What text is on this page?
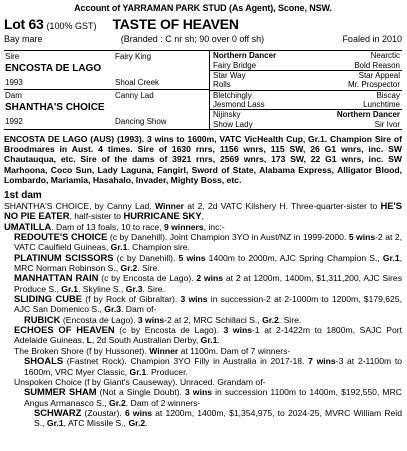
Account of YARRAMAN PARK STUD (As Agent), Scone, NSW.
Lot 63 (100% GST) TASTE OF HEAVEN
Bay mare	(Branded : C nr sh; 90 over 0 off sh)	Foaled in 2010
Sire	Fairy King
ENCOSTA DE LAGO
1993	Shoal Creek
Dam	Canny Lad
SHANTHA'S CHOICE
1992	Dancing Show
Northern Dancer	Nearctic
Fairy Bridge	Bold Reason
Star Way	Star Appeal
Rolls	Mr. Prospector
Bletchingly	Biscay
Jesmond Lass	Lunchtime
Nijinsky	Northern Dancer
Show Lady	Sir Ivor
ENCOSTA DE LAGO (AUS) (1993). 3 wins to 1600m, VATC VicHealth Cup, Gr.1. Champion Sire of Broodmares in Aust. 4 times. Sire of 1630 rnrs, 1156 wnrs, 115 SW, 26 G1 wnrs, inc. SW Chautauqua, etc. Sire of the dams of 3921 rnrs, 2569 wnrs, 173 SW, 22 G1 wnrs, inc. SW Marhoona, Coco Sun, Lady Laguna, Fangirl, Sword of State, Alabama Express, Alligator Blood, Lombardo, Mariamia, Hasahalo, Invader, Mighty Boss, etc.
1st dam
SHANTHA'S CHOICE, by Canny Lad. Winner at 2, 2d VATC Kilshery H. Three-quarter-sister to HE'S NO PIE EATER, half-sister to HURRICANE SKY,
UMATILLA. Dam of 13 foals, 10 to race, 9 winners, inc:-
REDOUTE'S CHOICE (c by Danehill). Joint Champion 3YO in Aust/NZ in 1999-2000. 5 wins-2 at 2, VATC Caulfield Guineas, Gr.1. Champion sire.
PLATINUM SCISSORS (c by Danehill). 5 wins 1400m to 2000m, AJC Spring Champion S., Gr.1, MRC Norman Robinson S., Gr.2. Sire.
MANHATTAN RAIN (c by Encosta de Lago). 2 wins at 2 at 1200m, 1400m, $1,311,200, AJC Sires Produce S., Gr.1. Skyline S., Gr.3. Sire.
SLIDING CUBE (f by Rock of Gibraltar). 3 wins in succession-2 at 2-1000m to 1200m, $179,625, AJC San Domenico S., Gr.3. Dam of-
RUBICK (Encosta de Lago). 3 wins-2 at 2, MRC Schillaci S., Gr.2. Sire.
ECHOES OF HEAVEN (c by Encosta de Lago). 3 wins-1 at 2-1422m to 1800m, SAJC Port Adelaide Guineas, L, 2d South Australian Derby, Gr.1.
The Broken Shore (f by Hussonet). Winner at 1100m. Dam of 7 winners-
SHOALS (Fastnet Rock). Champion 3YO Filly in Australia in 2017-18. 7 wins-3 at 2-1100m to 1600m, VRC Myer Classic, Gr.1. Producer.
Unspoken Choice (f by Giant's Causeway). Unraced. Grandam of-
SUMMER SHAM (Not a Single Doubt). 3 wins in succession 1100m to 1400m, $192,550, MRC Angus Armanasco S., Gr.2. Dam of 2 winners-
SCHWARZ (Zoustar). 6 wins at 1200m, 1400m, $1,354,975, to 2024-25, MVRC William Reid S., Gr.1, ATC Missile S., Gr.2.
